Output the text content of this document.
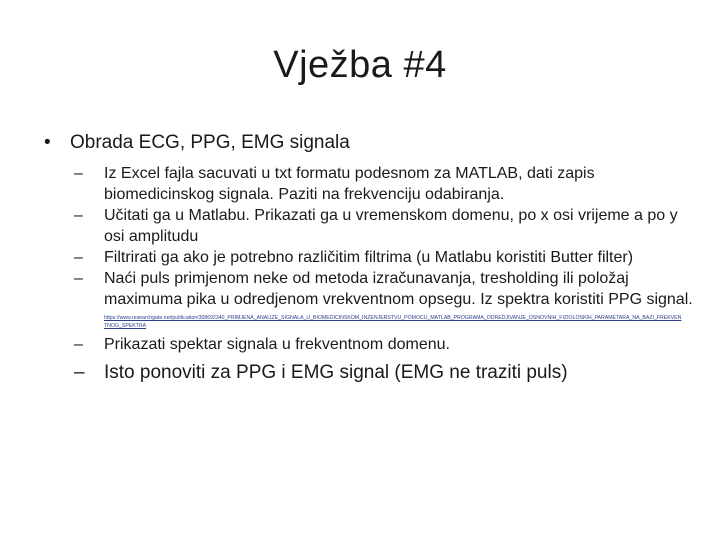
Vježba #4
•	Obrada ECG, PPG, EMG signala
–	Iz Excel fajla sacuvati u txt formatu podesnom za MATLAB, dati zapis biomedicinskog signala. Paziti na frekvenciju odabiranja.
–	Učitati ga u Matlabu. Prikazati ga u vremenskom domenu, po x osi vrijeme a po y osi amplitudu
–	Filtrirati ga ako je potrebno različitim filtrima (u Matlabu koristiti Butter filter)
–	Naći puls primjenom neke od metoda izračunavanja, tresholding ili položaj maximuma pika u odredjenom vrekventnom opsegu. Iz spektra koristiti PPG signal.
https://www.researchgate.net/publication/308692340_PRIMJENA_ANALIZE_SIGNALA_U_BIOMEDICINSKOM_INZENJERSTVU_POMOCU_MATLAB_PROGRAMA_ODREDJIVANJE_OSNOVNIH_FIZIOLOSKIH_PARAMETARA_NA_BAZI_FREKVENTNOG_SPEKTRA
–	Prikazati spektar signala u frekventnom domenu.
–	Isto ponoviti za PPG i EMG signal (EMG ne traziti puls)
